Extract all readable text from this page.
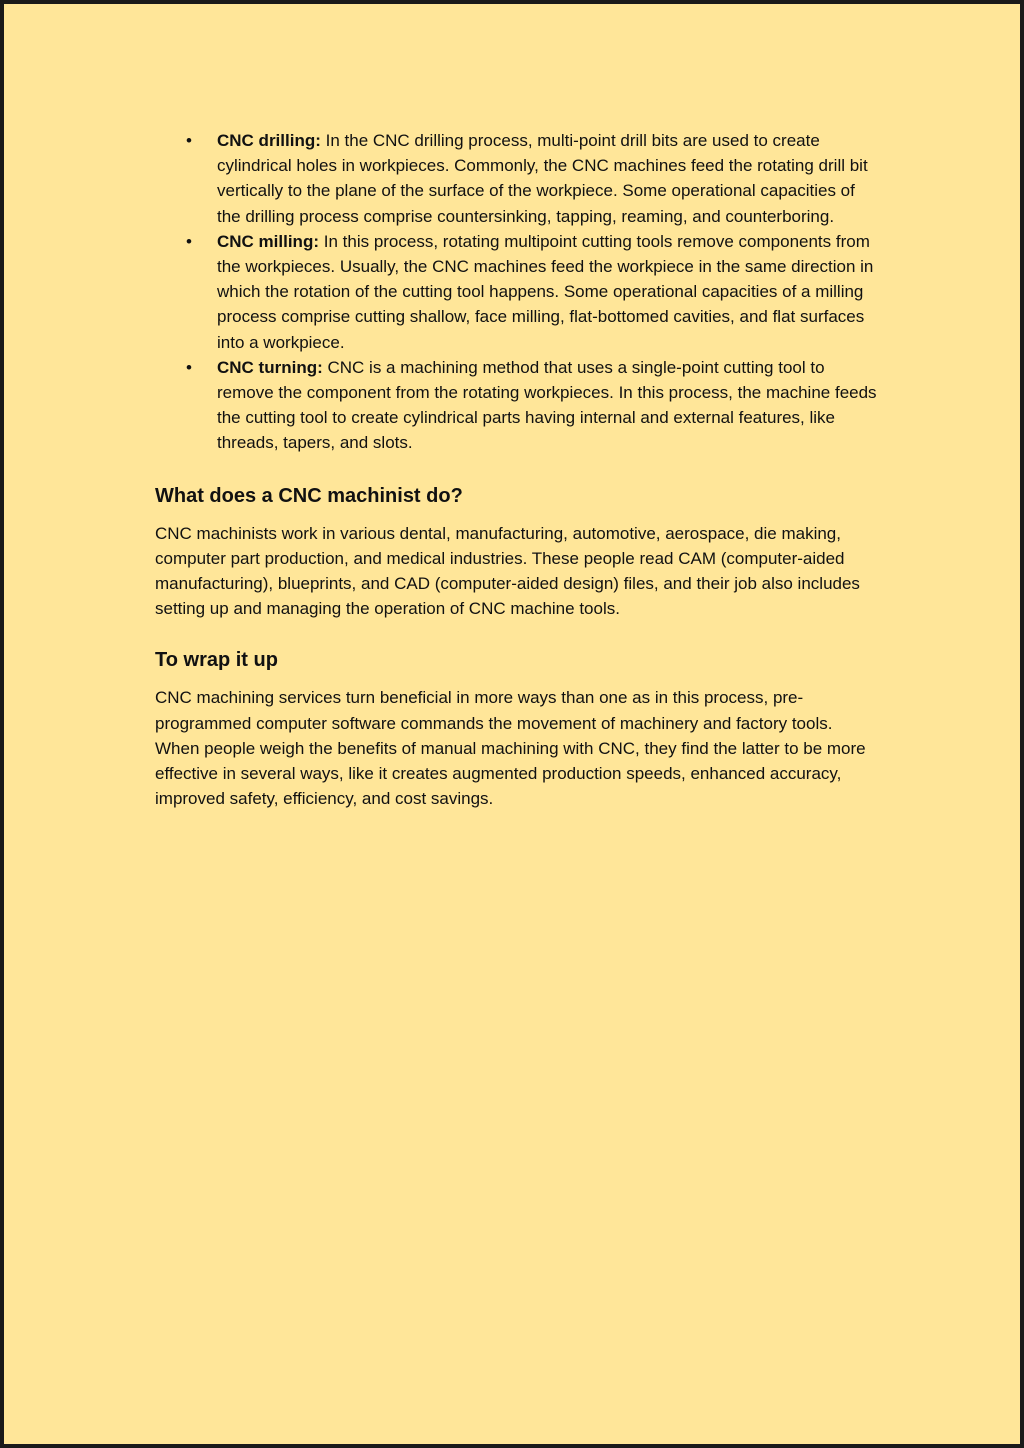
• CNC drilling: In the CNC drilling process, multi-point drill bits are used to create cylindrical holes in workpieces. Commonly, the CNC machines feed the rotating drill bit vertically to the plane of the surface of the workpiece. Some operational capacities of the drilling process comprise countersinking, tapping, reaming, and counterboring.
• CNC milling: In this process, rotating multipoint cutting tools remove components from the workpieces. Usually, the CNC machines feed the workpiece in the same direction in which the rotation of the cutting tool happens. Some operational capacities of a milling process comprise cutting shallow, face milling, flat-bottomed cavities, and flat surfaces into a workpiece.
• CNC turning: CNC is a machining method that uses a single-point cutting tool to remove the component from the rotating workpieces. In this process, the machine feeds the cutting tool to create cylindrical parts having internal and external features, like threads, tapers, and slots.
What does a CNC machinist do?

CNC machinists work in various dental, manufacturing, automotive, aerospace, die making, computer part production, and medical industries. These people read CAM (computer-aided manufacturing), blueprints, and CAD (computer-aided design) files, and their job also includes setting up and managing the operation of CNC machine tools.

To wrap it up

CNC machining services turn beneficial in more ways than one as in this process, pre-programmed computer software commands the movement of machinery and factory tools. When people weigh the benefits of manual machining with CNC, they find the latter to be more effective in several ways, like it creates augmented production speeds, enhanced accuracy, improved safety, efficiency, and cost savings.
